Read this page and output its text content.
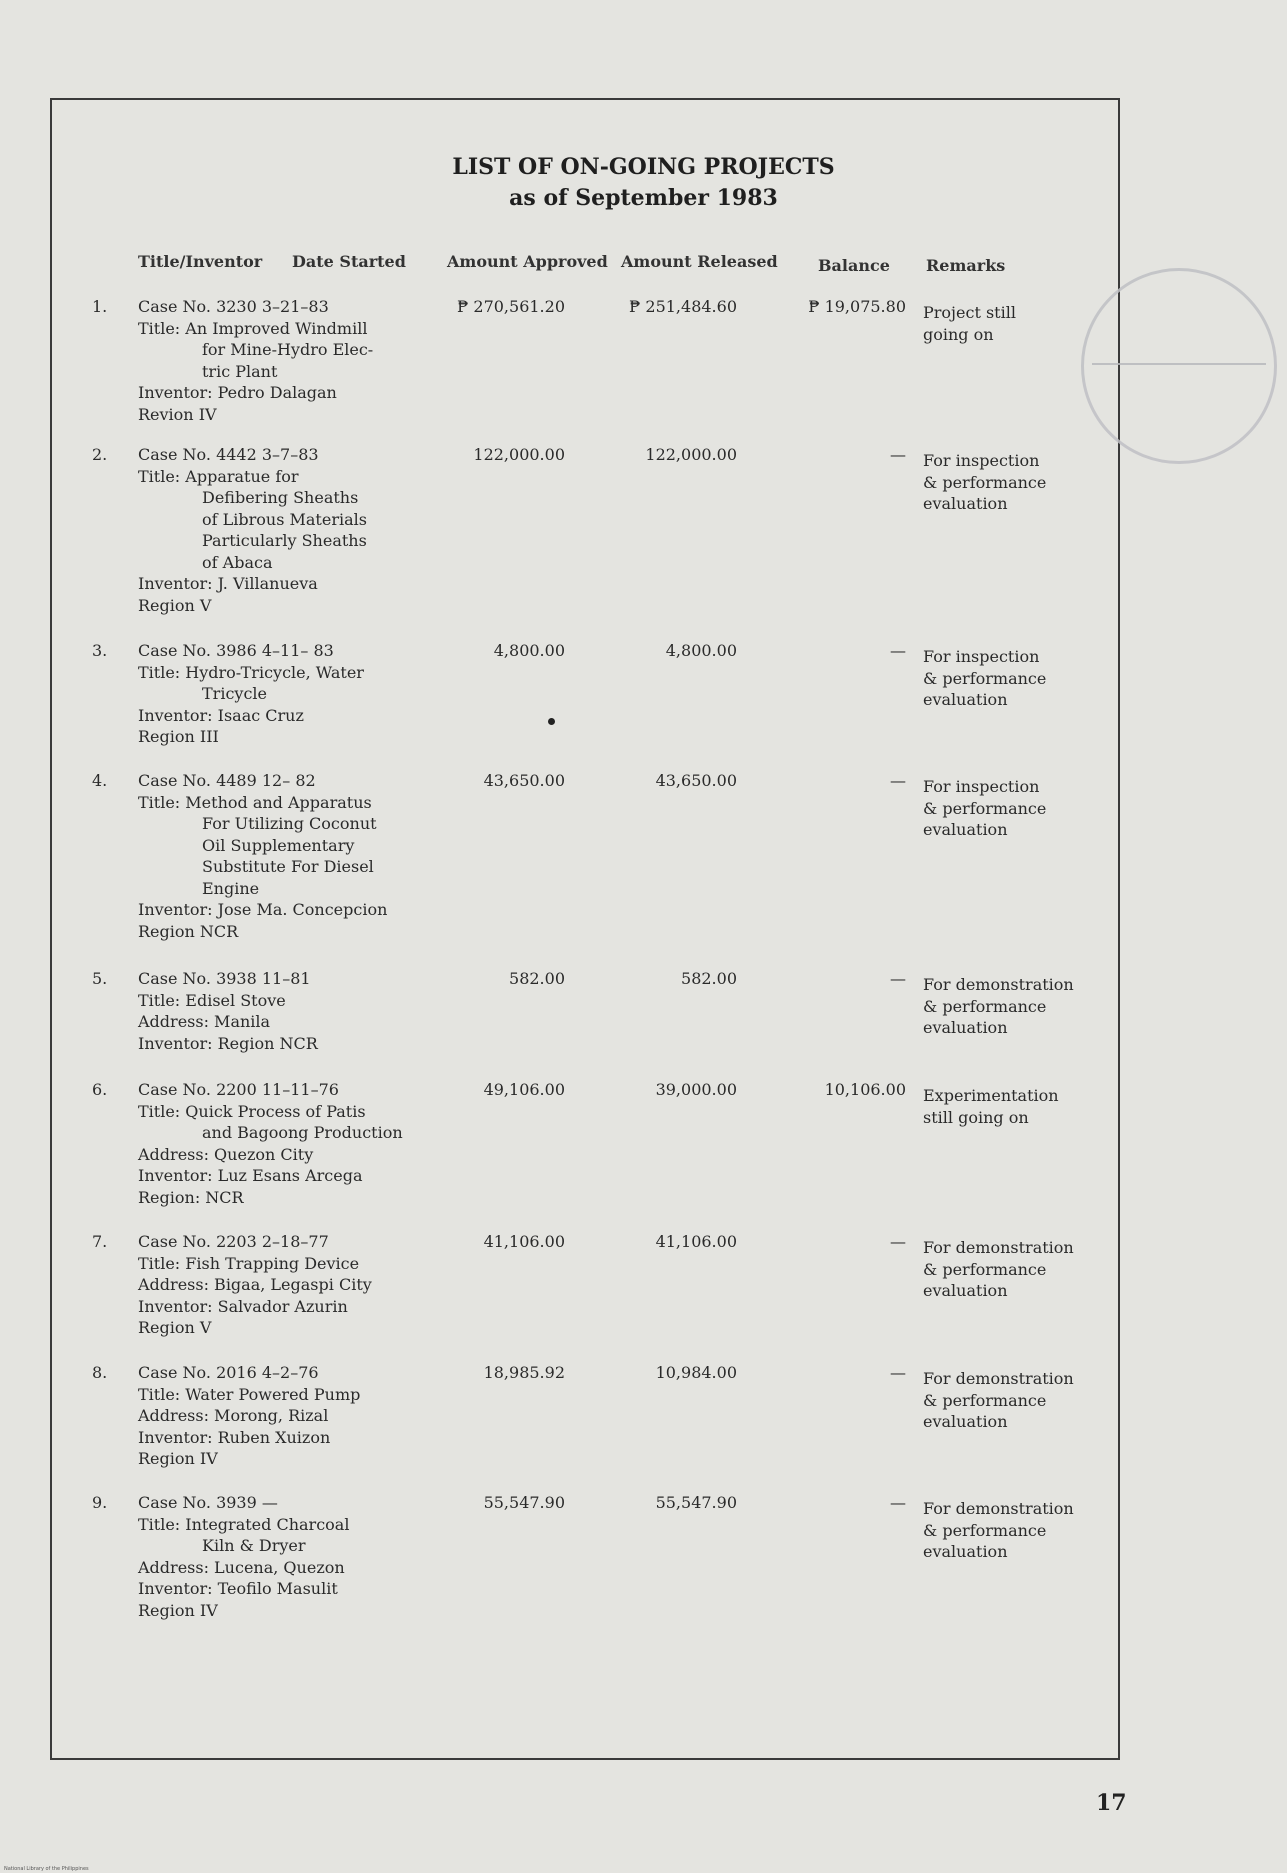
LIST OF ON-GOING PROJECTS
as of September 1983
Title/Inventor Date Started	Amount Approved Amount Released	Balance Remarks
1. Case No. 3230 3–21–83
Title: An Improved Windmill
for Mine-Hydro Elec-
tric Plant
Inventor: Pedro Dalagan
Revion IV
₱ 270,561.20	₱ 251,484.60	₱ 19,075.80 Project still
going on
2. Case No. 4442 3–7–83
Title: Apparatue for
Defibering Sheaths
of Librous Materials
Particularly Sheaths
of Abaca
Inventor: J. Villanueva
Region V
122,000.00	122,000.00	— For inspection
& performance
evaluation
3. Case No. 3986 4–11– 83
Title: Hydro-Tricycle, Water
Tricycle
Inventor: Isaac Cruz
Region III
4,800.00	4,800.00	— For inspection
& performance
evaluation
4. Case No. 4489 12– 82
Title: Method and Apparatus
For Utilizing Coconut
Oil Supplementary
Substitute For Diesel
Engine
Inventor: Jose Ma. Concepcion
Region NCR
43,650.00	43,650.00	— For inspection
& performance
evaluation
5. Case No. 3938 11–81
Title: Edisel Stove
Address: Manila
Inventor: Region NCR
582.00	582.00	— For demonstration
& performance
evaluation
6. Case No. 2200 11–11–76
Title: Quick Process of Patis
and Bagoong Production
Address: Quezon City
Inventor: Luz Esans Arcega
Region: NCR
49,106.00	39,000.00	10,106.00 Experimentation
still going on
7. Case No. 2203 2–18–77
Title: Fish Trapping Device
Address: Bigaa, Legaspi City
Inventor: Salvador Azurin
Region V
41,106.00	41,106.00	— For demonstration
& performance
evaluation
8. Case No. 2016 4–2–76
Title: Water Powered Pump
Address: Morong, Rizal
Inventor: Ruben Xuizon
Region IV
18,985.92	10,984.00	— For demonstration
& performance
evaluation
9. Case No. 3939 —
Title: Integrated Charcoal
Kiln & Dryer
Address: Lucena, Quezon
Inventor: Teofilo Masulit
Region IV
55,547.90	55,547.90	— For demonstration
& performance
evaluation
17
National Library of the Philippines
